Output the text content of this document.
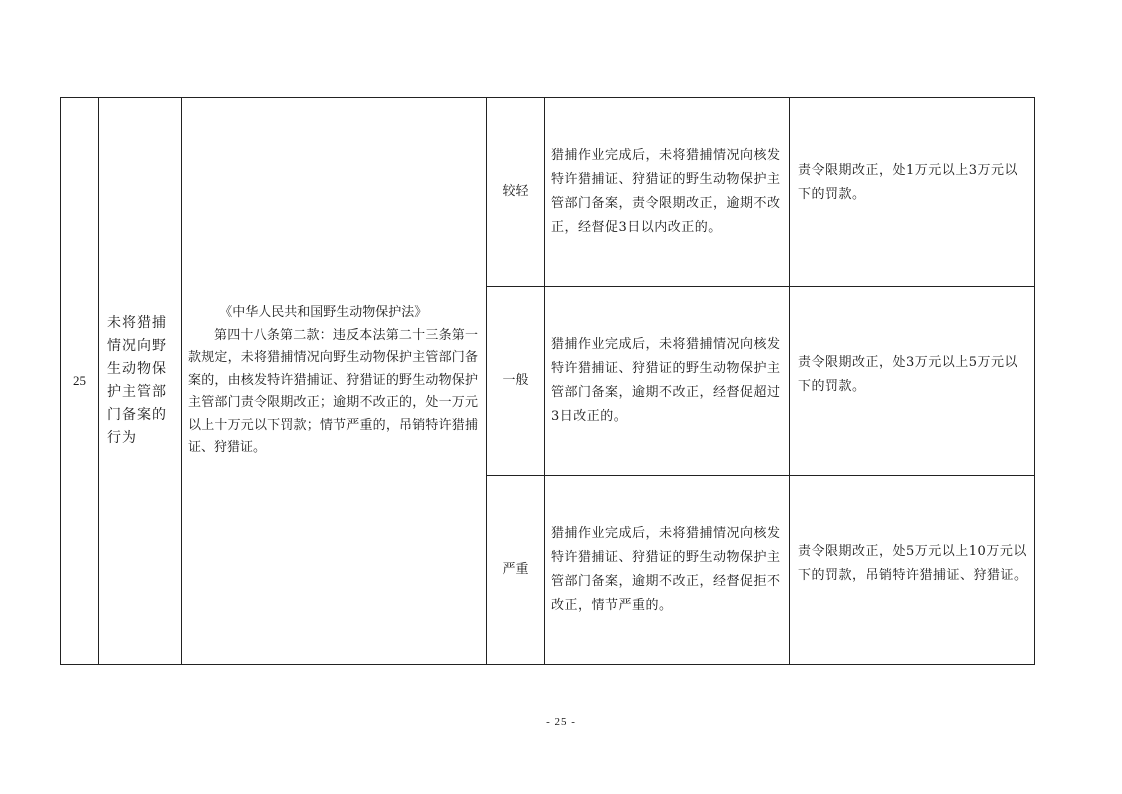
25	未将猎捕情况向野生动物保护主管部门备案的行为	《中华人民共和国野生动物保护法》
第四十八条第二款：违反本法第二十三条第一款规定，未将猎捕情况向野生动物保护主管部门备案的，由核发特许猎捕证、狩猎证的野生动物保护主管部门责令限期改正；逾期不改正的，处一万元以上十万元以下罚款；情节严重的，吊销特许猎捕证、狩猎证。	较轻	猎捕作业完成后，未将猎捕情况向核发特许猎捕证、狩猎证的野生动物保护主管部门备案，责令限期改正，逾期不改正，经督促3日以内改正的。	责令限期改正，处1万元以上3万元以下的罚款。

			一般	猎捕作业完成后，未将猎捕情况向核发特许猎捕证、狩猎证的野生动物保护主管部门备案，逾期不改正，经督促超过3日改正的。	责令限期改正，处3万元以上5万元以下的罚款。

			严重	猎捕作业完成后，未将猎捕情况向核发特许猎捕证、狩猎证的野生动物保护主管部门备案，逾期不改正，经督促拒不改正，情节严重的。	责令限期改正，处5万元以上10万元以下的罚款，吊销特许猎捕证、狩猎证。
- 25 -
